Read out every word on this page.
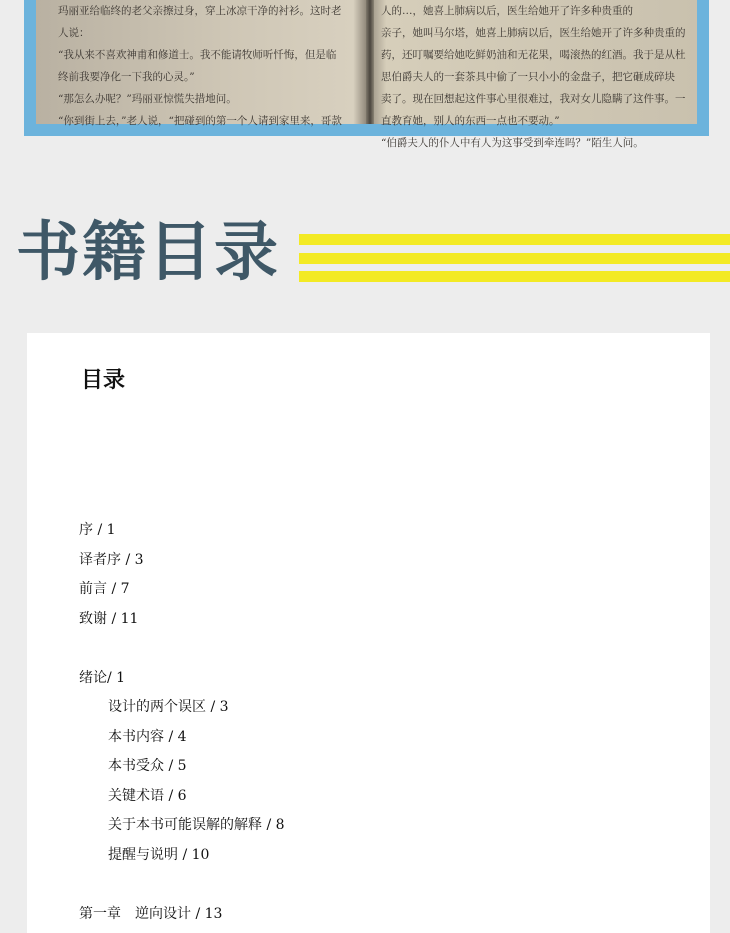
玛丽亚给临终的老父亲擦过身，穿上冰凉干净的衬衫。这时老
人说：
“我从来不喜欢神甫和修道士。我不能请牧师听忏悔，但是临
终前我要净化一下我的心灵。”
“那怎么办呢？”玛丽亚惊慌失措地问。
“你到街上去，”老人说，“把碰到的第一个人请到家里来，哥款
人的…，她喜上肺病以后，医生给她开了许多种贵重的
亲子，她叫马尔塔，她喜上肺病以后，医生给她开了许多种贵重的
药，还叮嘱要给她吃鲜奶油和无花果，喝滚热的红酒。我于是从杜
思伯爵夫人的一套茶具中偷了一只小小的金盘子，把它砸成碎块
卖了。现在回想起这件事心里很难过，我对女儿隐瞒了这件事。一
直教育她，别人的东西一点也不要动。”
“伯爵夫人的仆人中有人为这事受到牵连吗？”陌生人问。
书籍目录
目录
序 / 1
译者序 / 3
前言 / 7
致谢 / 11
绪论/ 1
设计的两个误区 / 3
本书内容 / 4
本书受众 / 5
关键术语 / 6
关于本书可能误解的解释 / 8
提醒与说明 / 10
第一章　逆向设计 / 13
